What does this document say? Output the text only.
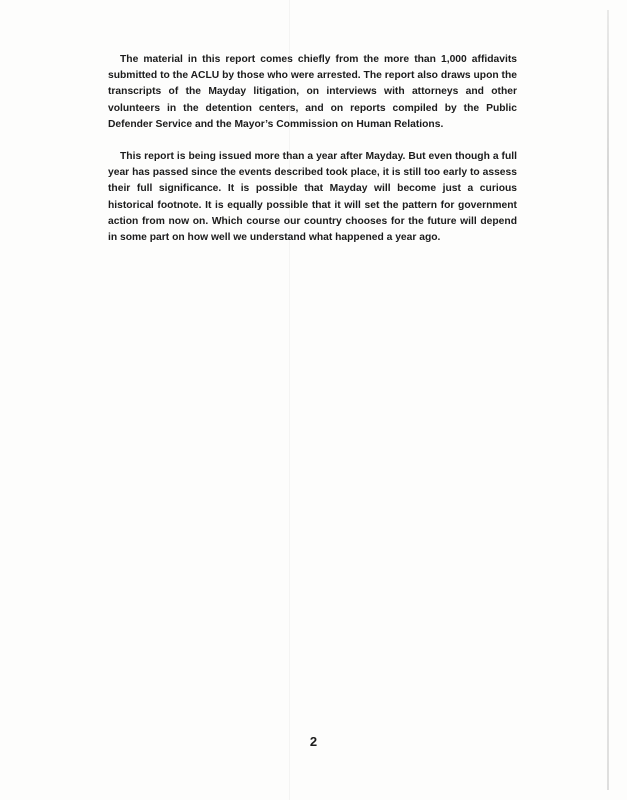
The material in this report comes chiefly from the more than 1,000 affidavits submitted to the ACLU by those who were arrested. The report also draws upon the transcripts of the Mayday litigation, on interviews with attorneys and other volunteers in the detention centers, and on reports compiled by the Public Defender Service and the Mayor’s Commission on Human Relations.

This report is being issued more than a year after Mayday. But even though a full year has passed since the events described took place, it is still too early to assess their full significance. It is possible that Mayday will become just a curious historical footnote. It is equally possible that it will set the pattern for government action from now on. Which course our country chooses for the future will depend in some part on how well we understand what happened a year ago.

2
